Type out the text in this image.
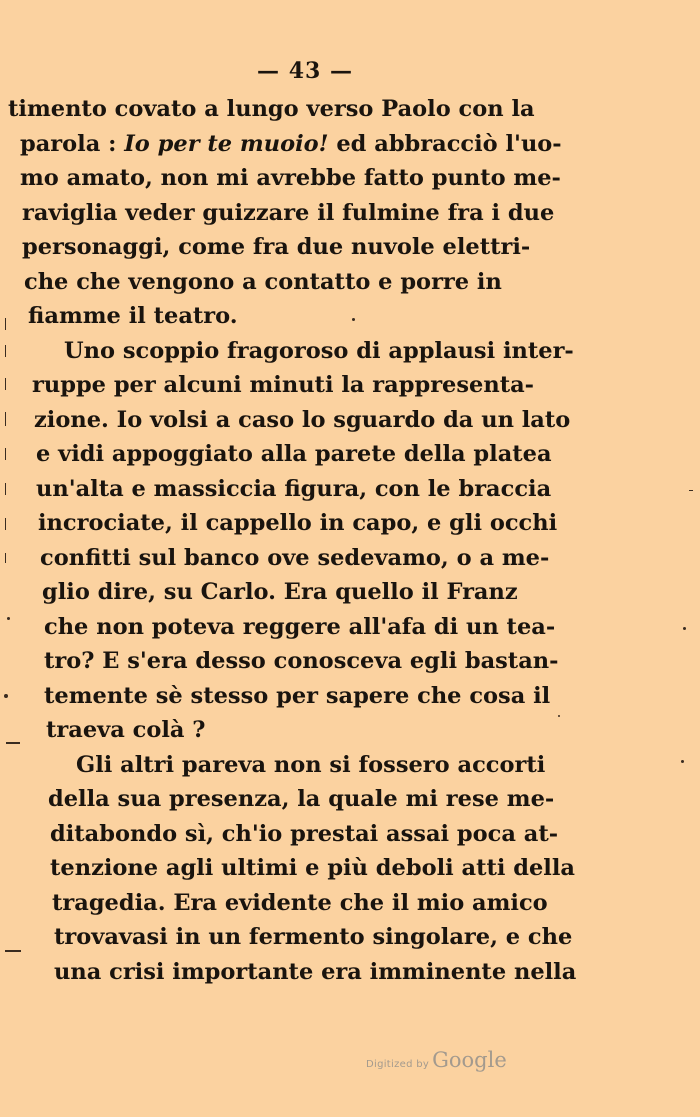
— 43 —
timento covato a lungo verso Paolo con la
parola : Io per te muoio! ed abbracciò l'uo-
mo amato, non mi avrebbe fatto punto me-
raviglia veder guizzare il fulmine fra i due
personaggi, come fra due nuvole elettri-
che che vengono a contatto e porre in
fiamme il teatro.
Uno scoppio fragoroso di applausi inter-
ruppe per alcuni minuti la rappresenta-
zione. Io volsi a caso lo sguardo da un lato
e vidi appoggiato alla parete della platea
un'alta e massiccia figura, con le braccia
incrociate, il cappello in capo, e gli occhi
confitti sul banco ove sedevamo, o a me-
glio dire, su Carlo. Era quello il Franz
che non poteva reggere all'afa di un tea-
tro? E s'era desso conosceva egli bastan-
temente sè stesso per sapere che cosa il
traeva colà ?
Gli altri pareva non si fossero accorti
della sua presenza, la quale mi rese me-
ditabondo sì, ch'io prestai assai poca at-
tenzione agli ultimi e più deboli atti della
tragedia. Era evidente che il mio amico
trovavasi in un fermento singolare, e che
una crisi importante era imminente nella
Digitized by Google
